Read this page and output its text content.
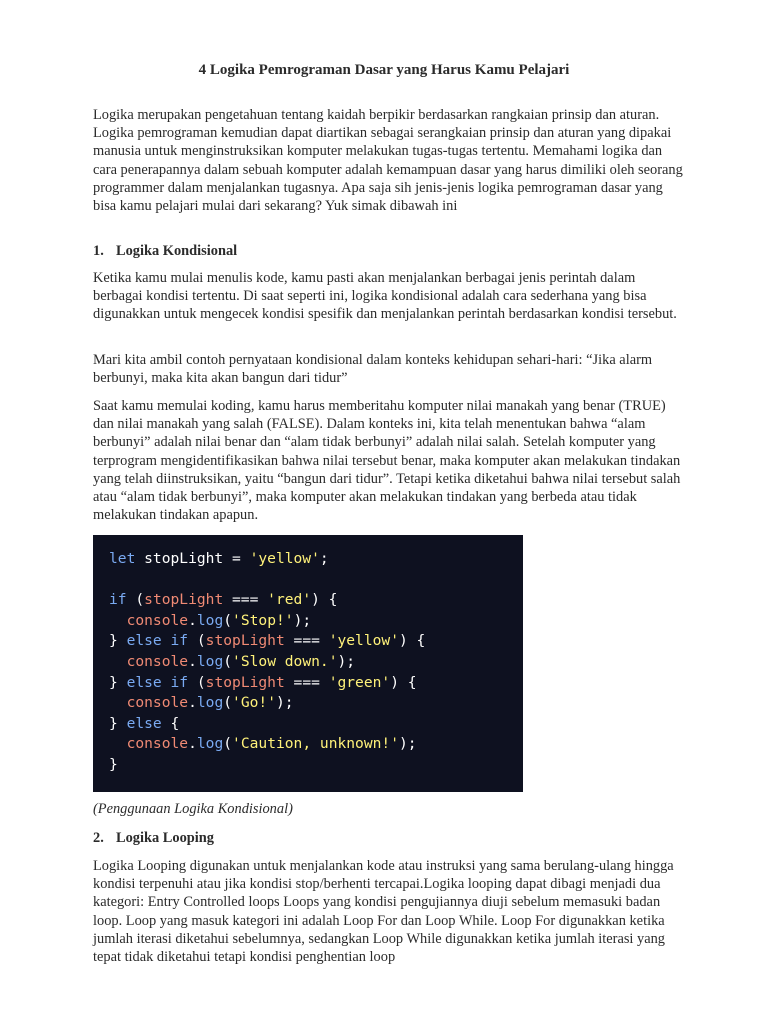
4 Logika Pemrograman Dasar yang Harus Kamu Pelajari

Logika merupakan pengetahuan tentang kaidah berpikir berdasarkan rangkaian prinsip dan aturan. Logika pemrograman kemudian dapat diartikan sebagai serangkaian prinsip dan aturan yang dipakai manusia untuk menginstruksikan komputer melakukan tugas-tugas tertentu. Memahami logika dan cara penerapannya dalam sebuah komputer adalah kemampuan dasar yang harus dimiliki oleh seorang programmer dalam menjalankan tugasnya. Apa saja sih jenis-jenis logika pemrograman dasar yang bisa kamu pelajari mulai dari sekarang? Yuk simak dibawah ini

1. Logika Kondisional

Ketika kamu mulai menulis kode, kamu pasti akan menjalankan berbagai jenis perintah dalam berbagai kondisi tertentu. Di saat seperti ini, logika kondisional adalah cara sederhana yang bisa digunakkan untuk mengecek kondisi spesifik dan menjalankan perintah berdasarkan kondisi tersebut.

Mari kita ambil contoh pernyataan kondisional dalam konteks kehidupan sehari-hari: “Jika alarm berbunyi, maka kita akan bangun dari tidur”

Saat kamu memulai koding, kamu harus memberitahu komputer nilai manakah yang benar (TRUE) dan nilai manakah yang salah (FALSE). Dalam konteks ini, kita telah menentukan bahwa “alam berbunyi” adalah nilai benar dan “alam tidak berbunyi” adalah nilai salah. Setelah komputer yang terprogram mengidentifikasikan bahwa nilai tersebut benar, maka komputer akan melakukan tindakan yang telah diinstruksikan, yaitu “bangun dari tidur”. Tetapi ketika diketahui bahwa nilai tersebut salah atau “alam tidak berbunyi”, maka komputer akan melakukan tindakan yang berbeda atau tidak melakukan tindakan apapun.

let stopLight = 'yellow';

if (stopLight === 'red') {
console.log('Stop!');
} else if (stopLight === 'yellow') {
console.log('Slow down.');
} else if (stopLight === 'green') {
console.log('Go!');
} else {
console.log('Caution, unknown!');
}

(Penggunaan Logika Kondisional)

2. Logika Looping

Logika Looping digunakan untuk menjalankan kode atau instruksi yang sama berulang-ulang hingga kondisi terpenuhi atau jika kondisi stop/berhenti tercapai.Logika looping dapat dibagi menjadi dua kategori: Entry Controlled loops Loops yang kondisi pengujiannya diuji sebelum memasuki badan loop. Loop yang masuk kategori ini adalah Loop For dan Loop While. Loop For digunakkan ketika jumlah iterasi diketahui sebelumnya, sedangkan Loop While digunakkan ketika jumlah iterasi yang tepat tidak diketahui tetapi kondisi penghentian loop
